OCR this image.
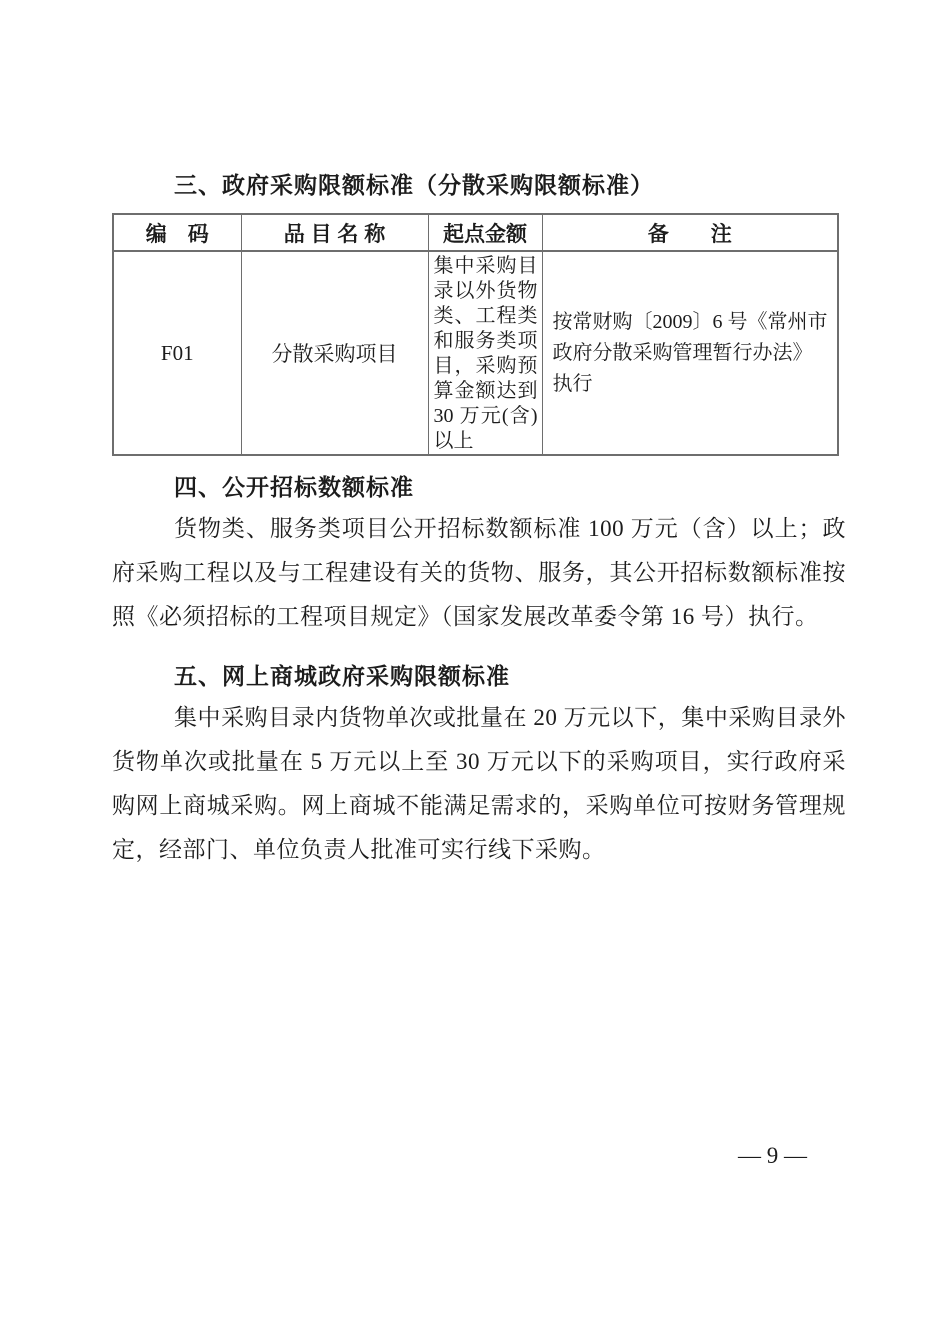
三、政府采购限额标准（分散采购限额标准）
编　码	品 目 名 称	起点金额	备　　注
F01	分散采购项目	集中采购目录以外货物类、工程类和服务类项目，采购预算金额达到 30 万元(含)以上	按常财购〔2009〕6 号《常州市政府分散采购管理暂行办法》执行
四、公开招标数额标准

货物类、服务类项目公开招标数额标准 100 万元（含）以上；政府采购工程以及与工程建设有关的货物、服务，其公开招标数额标准按照《必须招标的工程项目规定》（国家发展改革委令第 16 号）执行。

五、网上商城政府采购限额标准

集中采购目录内货物单次或批量在 20 万元以下，集中采购目录外货物单次或批量在 5 万元以上至 30 万元以下的采购项目，实行政府采购网上商城采购。网上商城不能满足需求的，采购单位可按财务管理规定，经部门、单位负责人批准可实行线下采购。

— 9 —
